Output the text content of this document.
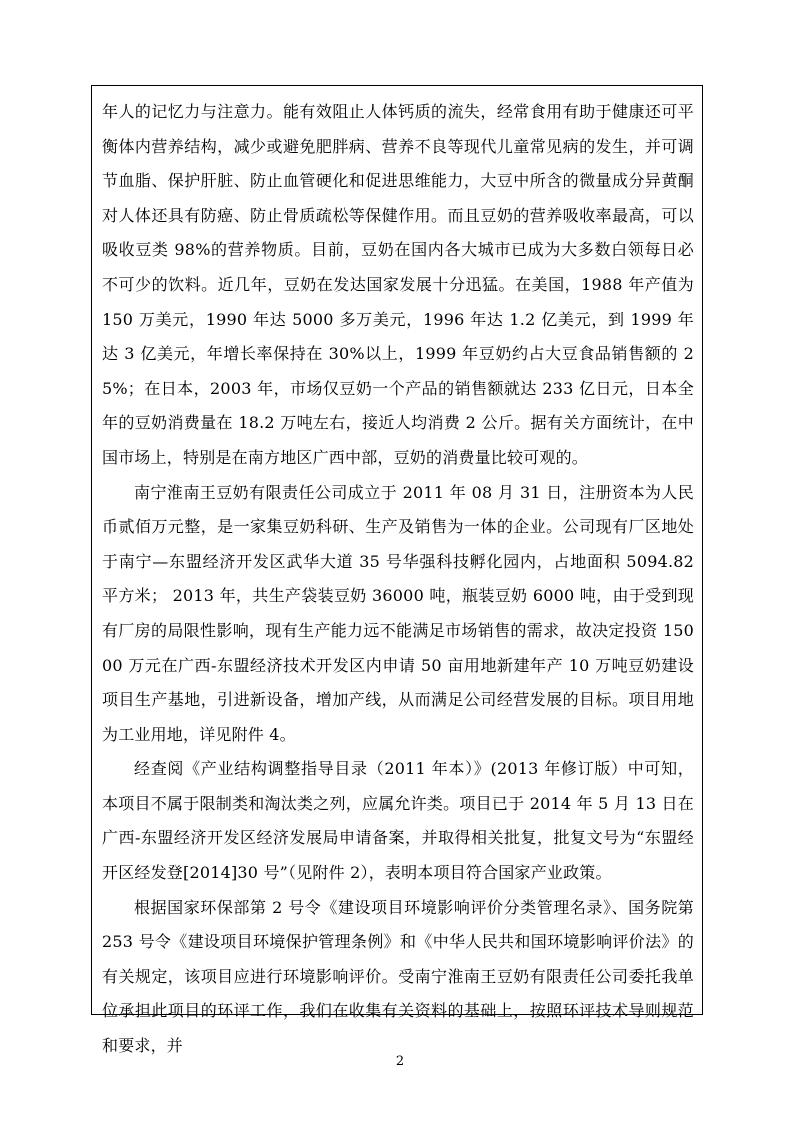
年人的记忆力与注意力。能有效阻止人体钙质的流失，经常食用有助于健康还可平衡体内营养结构，减少或避免肥胖病、营养不良等现代儿童常见病的发生，并可调节血脂、保护肝脏、防止血管硬化和促进思维能力，大豆中所含的微量成分异黄酮对人体还具有防癌、防止骨质疏松等保健作用。而且豆奶的营养吸收率最高，可以吸收豆类 98%的营养物质。目前，豆奶在国内各大城市已成为大多数白领每日必不可少的饮料。近几年，豆奶在发达国家发展十分迅猛。在美国，1988 年产值为 150 万美元，1990 年达 5000 多万美元，1996 年达 1.2 亿美元，到 1999 年达 3 亿美元，年增长率保持在 30%以上，1999 年豆奶约占大豆食品销售额的 25%；在日本，2003 年，市场仅豆奶一个产品的销售额就达 233 亿日元，日本全年的豆奶消费量在 18.2 万吨左右，接近人均消费 2 公斤。据有关方面统计，在中国市场上，特别是在南方地区广西中部，豆奶的消费量比较可观的。

南宁淮南王豆奶有限责任公司成立于 2011 年 08 月 31 日，注册资本为人民币贰佰万元整，是一家集豆奶科研、生产及销售为一体的企业。公司现有厂区地处于南宁—东盟经济开发区武华大道 35 号华强科技孵化园内，占地面积 5094.82 平方米； 2013 年，共生产袋装豆奶 36000 吨，瓶装豆奶 6000 吨，由于受到现有厂房的局限性影响，现有生产能力远不能满足市场销售的需求，故决定投资 15000 万元在广西-东盟经济技术开发区内申请 50 亩用地新建年产 10 万吨豆奶建设项目生产基地，引进新设备，增加产线，从而满足公司经营发展的目标。项目用地为工业用地，详见附件 4。

经查阅《产业结构调整指导目录（2011 年本）》(2013 年修订版）中可知，本项目不属于限制类和淘汰类之列，应属允许类。项目已于 2014 年 5 月 13 日在广西-东盟经济开发区经济发展局申请备案，并取得相关批复，批复文号为“东盟经开区经发登[2014]30 号”（见附件 2），表明本项目符合国家产业政策。

根据国家环保部第 2 号令《建设项目环境影响评价分类管理名录》、国务院第 253 号令《建设项目环境保护管理条例》和《中华人民共和国环境影响评价法》的有关规定，该项目应进行环境影响评价。受南宁淮南王豆奶有限责任公司委托我单位承担此项目的环评工作，我们在收集有关资料的基础上，按照环评技术导则规范和要求，并

2
